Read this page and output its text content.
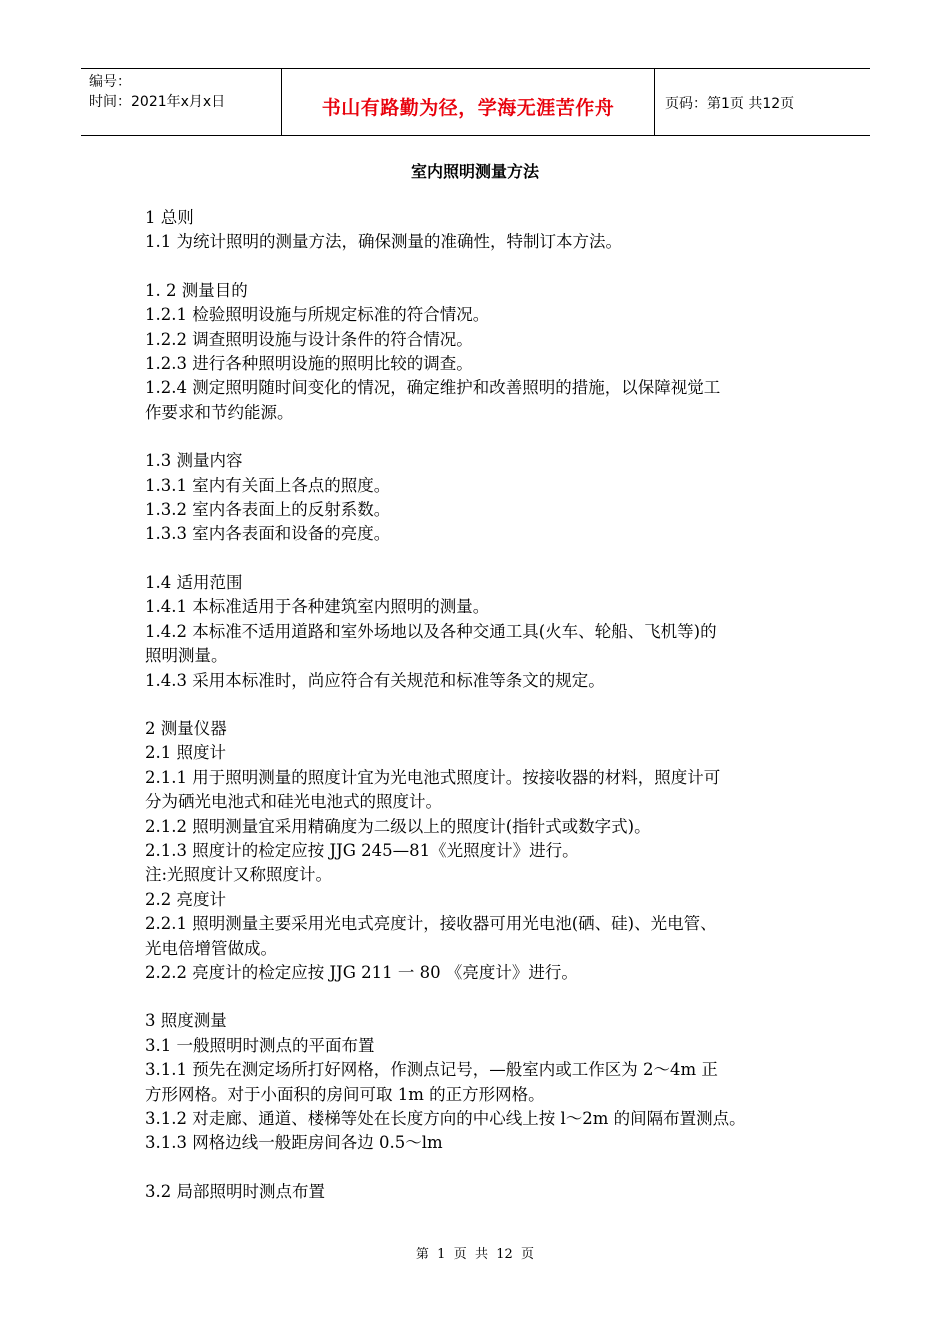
编号：
时间：2021年x月x日	书山有路勤为径，学海无涯苦作舟	页码：第1页 共12页
室内照明测量方法

1 总则

1.1 为统计照明的测量方法，确保测量的准确性，特制订本方法。

1. 2 测量目的

1.2.1 检验照明设施与所规定标准的符合情况。

1.2.2 调查照明设施与设计条件的符合情况。

1.2.3 进行各种照明设施的照明比较的调查。

1.2.4 测定照明随时间变化的情况，确定维护和改善照明的措施，以保障视觉工

作要求和节约能源。

1.3 测量内容

1.3.1 室内有关面上各点的照度。

1.3.2 室内各表面上的反射系数。

1.3.3 室内各表面和设备的亮度。

1.4 适用范围

1.4.1 本标准适用于各种建筑室内照明的测量。

1.4.2 本标准不适用道路和室外场地以及各种交通工具(火车、轮船、飞机等)的

照明测量。

1.4.3 采用本标准时，尚应符合有关规范和标准等条文的规定。

2 测量仪器

2.1 照度计

2.1.1 用于照明测量的照度计宜为光电池式照度计。按接收器的材料，照度计可

分为硒光电池式和硅光电池式的照度计。

2.1.2 照明测量宜采用精确度为二级以上的照度计(指针式或数字式)。

2.1.3 照度计的检定应按 JJG 245—81《光照度计》进行。

注:光照度计又称照度计。

2.2 亮度计

2.2.1 照明测量主要采用光电式亮度计，接收器可用光电池(硒、硅)、光电管、

光电倍增管做成。

2.2.2 亮度计的检定应按 JJG 211 一 80 《亮度计》进行。

3 照度测量

3.1 一般照明时测点的平面布置

3.1.1 预先在测定场所打好网格，作测点记号，—般室内或工作区为 2～4m 正

方形网格。对于小面积的房间可取 1m 的正方形网格。

3.1.2 对走廊、通道、楼梯等处在长度方向的中心线上按 l～2m 的间隔布置测点。

3.1.3 网格边线一般距房间各边 0.5～lm

3.2 局部照明时测点布置

第  1  页  共  12  页
